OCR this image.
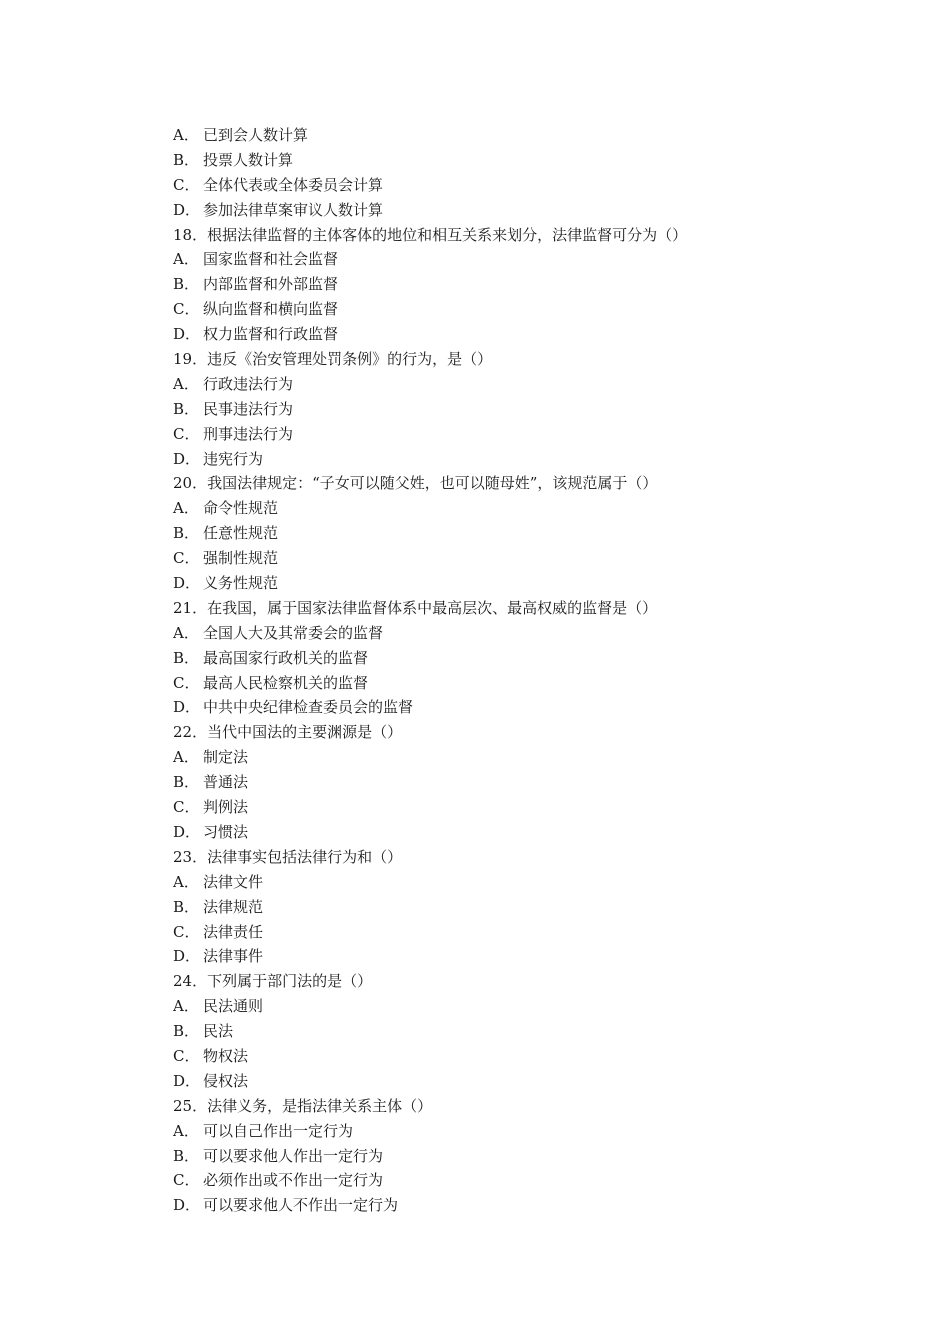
A． 已到会人数计算
B． 投票人数计算
C． 全体代表或全体委员会计算
D． 参加法律草案审议人数计算
18．根据法律监督的主体客体的地位和相互关系来划分，法律监督可分为（）
A． 国家监督和社会监督
B． 内部监督和外部监督
C． 纵向监督和横向监督
D． 权力监督和行政监督
19．违反《治安管理处罚条例》的行为，是（）
A． 行政违法行为
B． 民事违法行为
C． 刑事违法行为
D． 违宪行为
20．我国法律规定：“子女可以随父姓，也可以随母姓”，该规范属于（）
A． 命令性规范
B． 任意性规范
C． 强制性规范
D． 义务性规范
21．在我国，属于国家法律监督体系中最高层次、最高权威的监督是（）
A． 全国人大及其常委会的监督
B． 最高国家行政机关的监督
C． 最高人民检察机关的监督
D． 中共中央纪律检查委员会的监督
22．当代中国法的主要渊源是（）
A． 制定法
B． 普通法
C． 判例法
D． 习惯法
23．法律事实包括法律行为和（）
A． 法律文件
B． 法律规范
C． 法律责任
D． 法律事件
24．下列属于部门法的是（）
A． 民法通则
B． 民法
C． 物权法
D． 侵权法
25．法律义务，是指法律关系主体（）
A． 可以自己作出一定行为
B． 可以要求他人作出一定行为
C． 必须作出或不作出一定行为
D． 可以要求他人不作出一定行为
